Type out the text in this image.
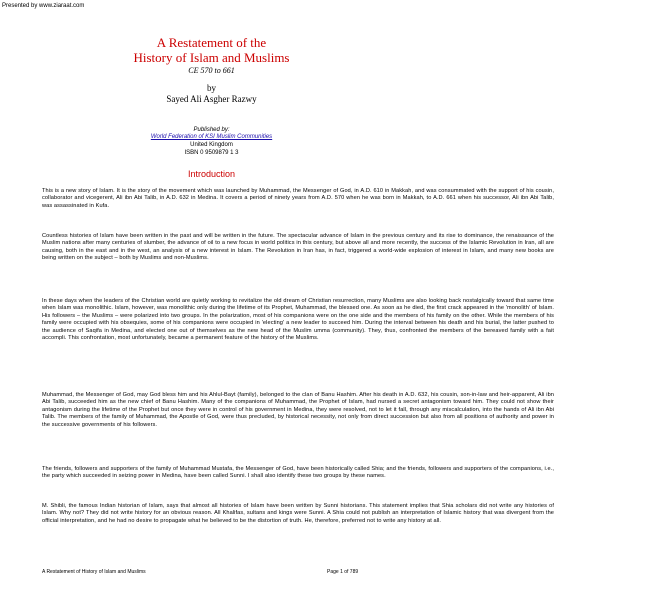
Presented by www.ziaraat.com
A Restatement of the
History of Islam and Muslims
CE 570 to 661
by
Sayed Ali Asgher Razwy
Published by:
World Federation of KSI Muslim Communities
United Kingdom
ISBN 0 9509879 1 3
Introduction
This is a new story of Islam. It is the story of the movement which was launched by Muhammad, the Messenger of God, in A.D. 610 in Makkah, and was consummated with the support of his cousin, collaborator and vicegerent, Ali ibn Abi Talib, in A.D. 632 in Medina. It covers a period of ninety years from A.D. 570 when he was born in Makkah, to A.D. 661 when his successor, Ali ibn Abi Talib, was assassinated in Kufa.
Countless histories of Islam have been written in the past and will be written in the future. The spectacular advance of Islam in the previous century and its rise to dominance, the renaissance of the Muslim nations after many centuries of slumber, the advance of oil to a new focus in world politics in this century, but above all and more recently, the success of the Islamic Revolution in Iran, all are causing, both in the east and in the west, an analysis of a new interest in Islam. The Revolution in Iran has, in fact, triggered a world-wide explosion of interest in Islam, and many new books are being written on the subject – both by Muslims and non-Muslims.
In these days when the leaders of the Christian world are quietly working to revitalize the old dream of Christian resurrection, many Muslims are also looking back nostalgically toward that same time when Islam was monolithic. Islam, however, was monolithic only during the lifetime of its Prophet, Muhammad, the blessed one. As soon as he died, the first crack appeared in the 'monolith' of Islam. His followers – the Muslims – were polarized into two groups. In the polarization, most of his companions were on the one side and the members of his family on the other. While the members of his family were occupied with his obsequies, some of his companions were occupied in 'electing' a new leader to succeed him. During the interval between his death and his burial, the latter pushed to the audience of Saqifa in Medina, and elected one out of themselves as the new head of the Muslim umma (community). They, thus, confronted the members of the bereaved family with a fait accompli. This confrontation, most unfortunately, became a permanent feature of the history of the Muslims.
Muhammad, the Messenger of God, may God bless him and his Ahlul-Bayt (family), belonged to the clan of Banu Hashim. After his death in A.D. 632, his cousin, son-in-law and heir-apparent, Ali ibn Abi Talib, succeeded him as the new chief of Banu Hashim. Many of the companions of Muhammad, the Prophet of Islam, had nursed a secret antagonism toward him. They could not show their antagonism during the lifetime of the Prophet but once they were in control of his government in Medina, they were resolved, not to let it fall, through any miscalculation, into the hands of Ali ibn Abi Talib. The members of the family of Muhammad, the Apostle of God, were thus precluded, by historical necessity, not only from direct succession but also from all positions of authority and power in the successive governments of his followers.
The friends, followers and supporters of the family of Muhammad Mustafa, the Messenger of God, have been historically called Shia; and the friends, followers and supporters of the companions, i.e., the party which succeeded in seizing power in Medina, have been called Sunni. I shall also identify these two groups by these names.
M. Shibli, the famous Indian historian of Islam, says that almost all histories of Islam have been written by Sunni historians. This statement implies that Shia scholars did not write any histories of Islam. Why not? They did not write history for an obvious reason. All Khalifas, sultans and kings were Sunni. A Shia could not publish an interpretation of Islamic history that was divergent from the official interpretation, and he had no desire to propagate what he believed to be the distortion of truth. He, therefore, preferred not to write any history at all.
A Restatement of History of Islam and Muslims	Page 1 of 789
